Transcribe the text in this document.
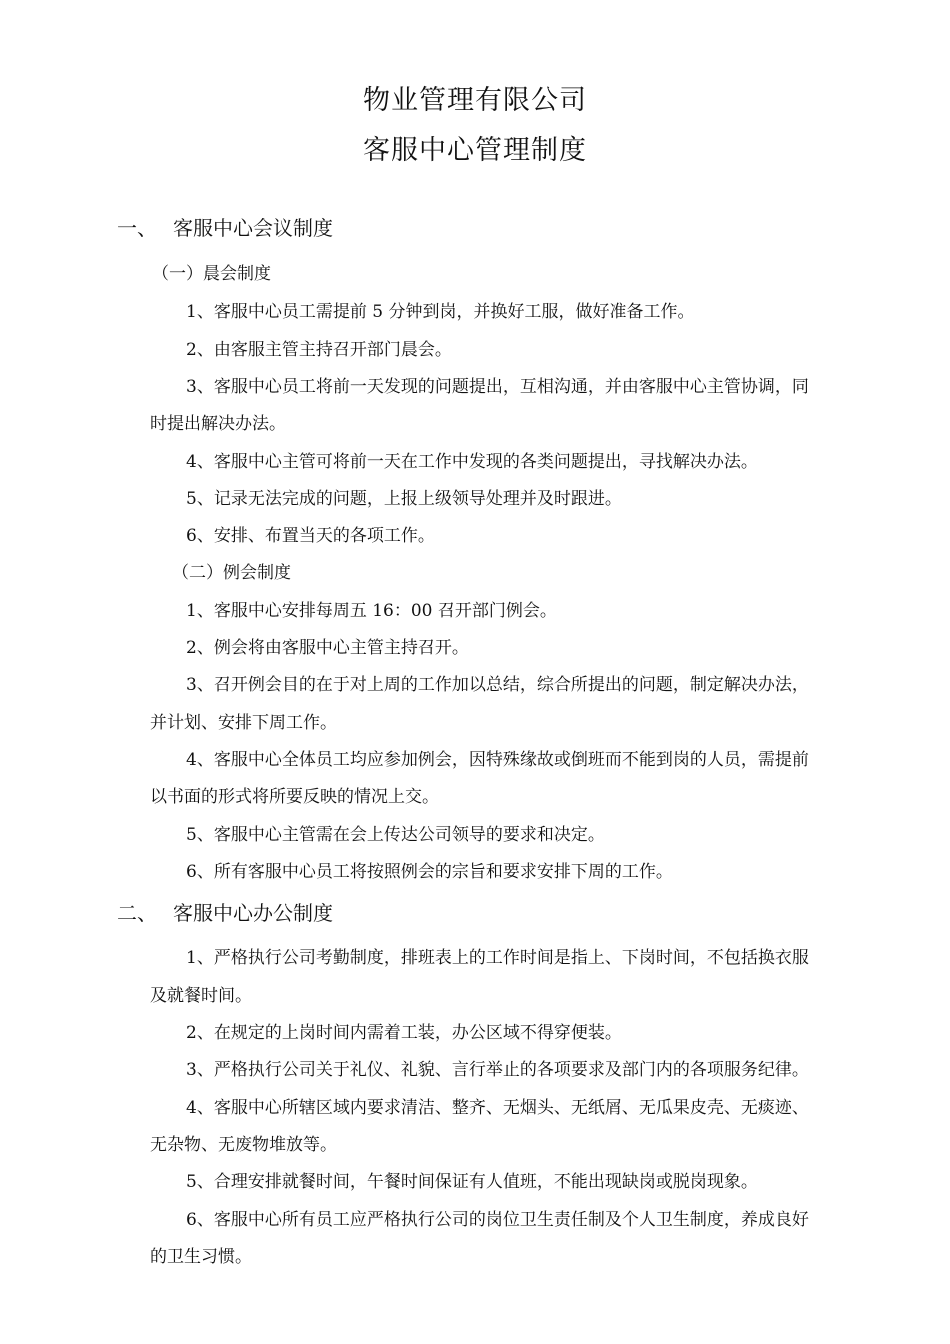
物业管理有限公司
客服中心管理制度
一、 客服中心会议制度
（一）晨会制度
1、客服中心员工需提前 5 分钟到岗，并换好工服，做好准备工作。
2、由客服主管主持召开部门晨会。
3、客服中心员工将前一天发现的问题提出，互相沟通，并由客服中心主管协调，同
时提出解决办法。
4、客服中心主管可将前一天在工作中发现的各类问题提出，寻找解决办法。
5、记录无法完成的问题，上报上级领导处理并及时跟进。
6、安排、布置当天的各项工作。
（二）例会制度
1、客服中心安排每周五 16：00 召开部门例会。
2、例会将由客服中心主管主持召开。
3、召开例会目的在于对上周的工作加以总结，综合所提出的问题，制定解决办法，
并计划、安排下周工作。
4、客服中心全体员工均应参加例会，因特殊缘故或倒班而不能到岗的人员，需提前
以书面的形式将所要反映的情况上交。
5、客服中心主管需在会上传达公司领导的要求和决定。
6、所有客服中心员工将按照例会的宗旨和要求安排下周的工作。
二、 客服中心办公制度
1、严格执行公司考勤制度，排班表上的工作时间是指上、下岗时间，不包括换衣服
及就餐时间。
2、在规定的上岗时间内需着工装，办公区域不得穿便装。
3、严格执行公司关于礼仪、礼貌、言行举止的各项要求及部门内的各项服务纪律。
4、客服中心所辖区域内要求清洁、整齐、无烟头、无纸屑、无瓜果皮壳、无痰迹、
无杂物、无废物堆放等。
5、合理安排就餐时间，午餐时间保证有人值班，不能出现缺岗或脱岗现象。
6、客服中心所有员工应严格执行公司的岗位卫生责任制及个人卫生制度，养成良好
的卫生习惯。
